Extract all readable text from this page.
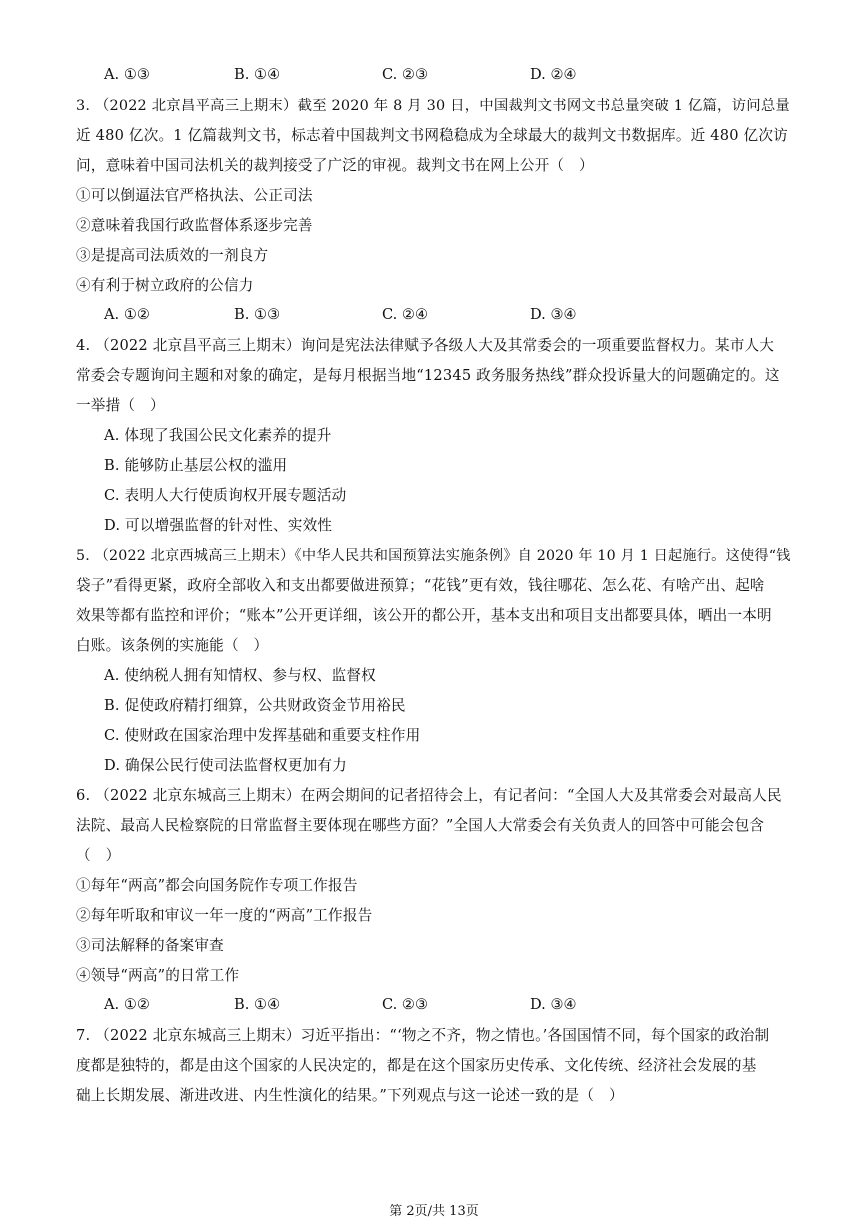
A. ①③	B. ①④	C. ②③	D. ②④
3. （2022 北京昌平高三上期末）截至 2020 年 8 月 30 日，中国裁判文书网文书总量突破 1 亿篇，访问总量
近 480 亿次。1 亿篇裁判文书，标志着中国裁判文书网稳稳成为全球最大的裁判文书数据库。近 480 亿次访
问，意味着中国司法机关的裁判接受了广泛的审视。裁判文书在网上公开（　）
①可以倒逼法官严格执法、公正司法
②意味着我国行政监督体系逐步完善
③是提高司法质效的一剂良方
④有利于树立政府的公信力
A. ①②	B. ①③	C. ②④	D. ③④
4. （2022 北京昌平高三上期末）询问是宪法法律赋予各级人大及其常委会的一项重要监督权力。某市人大
常委会专题询问主题和对象的确定，是每月根据当地“12345 政务服务热线”群众投诉量大的问题确定的。这
一举措（　）
A. 体现了我国公民文化素养的提升
B. 能够防止基层公权的滥用
C. 表明人大行使质询权开展专题活动
D. 可以增强监督的针对性、实效性
5. （2022 北京西城高三上期末）《中华人民共和国预算法实施条例》自 2020 年 10 月 1 日起施行。这使得“钱
袋子”看得更紧，政府全部收入和支出都要做进预算；“花钱”更有效，钱往哪花、怎么花、有啥产出、起啥
效果等都有监控和评价；“账本”公开更详细，该公开的都公开，基本支出和项目支出都要具体，晒出一本明
白账。该条例的实施能（　）
A. 使纳税人拥有知情权、参与权、监督权
B. 促使政府精打细算，公共财政资金节用裕民
C. 使财政在国家治理中发挥基础和重要支柱作用
D. 确保公民行使司法监督权更加有力
6. （2022 北京东城高三上期末）在两会期间的记者招待会上，有记者问：“全国人大及其常委会对最高人民
法院、最高人民检察院的日常监督主要体现在哪些方面？”全国人大常委会有关负责人的回答中可能会包含
（　）
①每年“两高”都会向国务院作专项工作报告
②每年听取和审议一年一度的“两高”工作报告
③司法解释的备案审查
④领导“两高”的日常工作
A. ①②	B. ①④	C. ②③	D. ③④
7. （2022 北京东城高三上期末）习近平指出：“‘物之不齐，物之情也。’各国国情不同，每个国家的政治制
度都是独特的，都是由这个国家的人民决定的，都是在这个国家历史传承、文化传统、经济社会发展的基
础上长期发展、渐进改进、内生性演化的结果。”下列观点与这一论述一致的是（　）
第 2页/共 13页
